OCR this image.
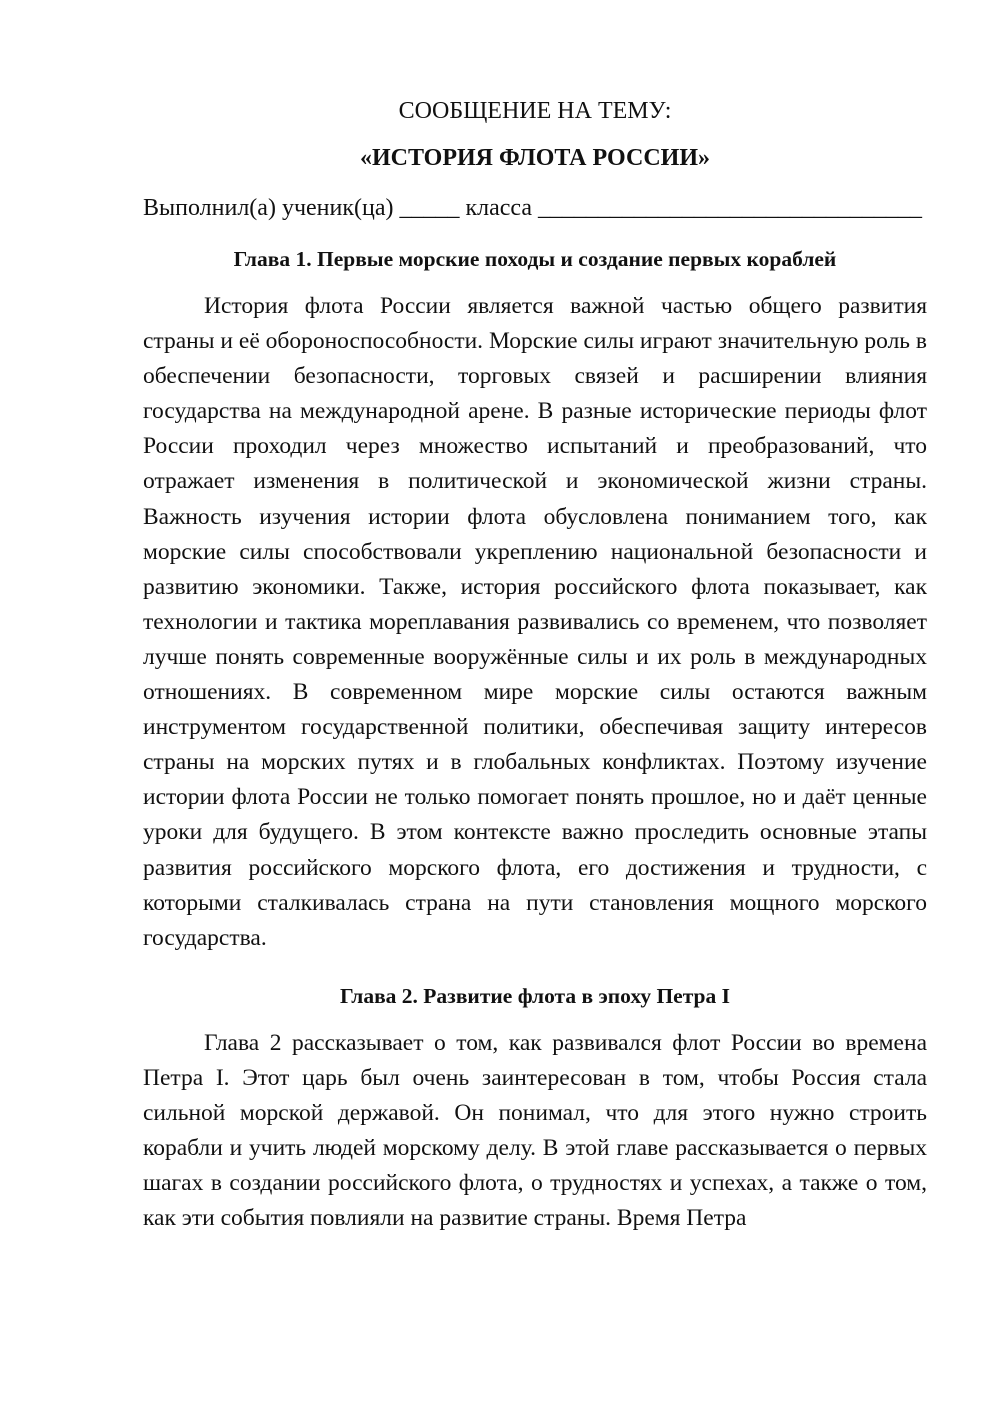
СООБЩЕНИЕ НА ТЕМУ:

«ИСТОРИЯ ФЛОТА РОССИИ»

Выполнил(а) ученик(ца) _____ класса ________________________________
Глава 1. Первые морские походы и создание первых кораблей

История флота России является важной частью общего развития страны и её обороноспособности. Морские силы играют значительную роль в обеспечении безопасности, торговых связей и расширении влияния государства на международной арене. В разные исторические периоды флот России проходил через множество испытаний и преобразований, что отражает изменения в политической и экономической жизни страны. Важность изучения истории флота обусловлена пониманием того, как морские силы способствовали укреплению национальной безопасности и развитию экономики. Также, история российского флота показывает, как технологии и тактика мореплавания развивались со временем, что позволяет лучше понять современные вооружённые силы и их роль в международных отношениях. В современном мире морские силы остаются важным инструментом государственной политики, обеспечивая защиту интересов страны на морских путях и в глобальных конфликтах. Поэтому изучение истории флота России не только помогает понять прошлое, но и даёт ценные уроки для будущего. В этом контексте важно проследить основные этапы развития российского морского флота, его достижения и трудности, с которыми сталкивалась страна на пути становления мощного морского государства.

Глава 2. Развитие флота в эпоху Петра I

Глава 2 рассказывает о том, как развивался флот России во времена Петра I. Этот царь был очень заинтересован в том, чтобы Россия стала сильной морской державой. Он понимал, что для этого нужно строить корабли и учить людей морскому делу. В этой главе рассказывается о первых шагах в создании российского флота, о трудностях и успехах, а также о том, как эти события повлияли на развитие страны. Время Петра
